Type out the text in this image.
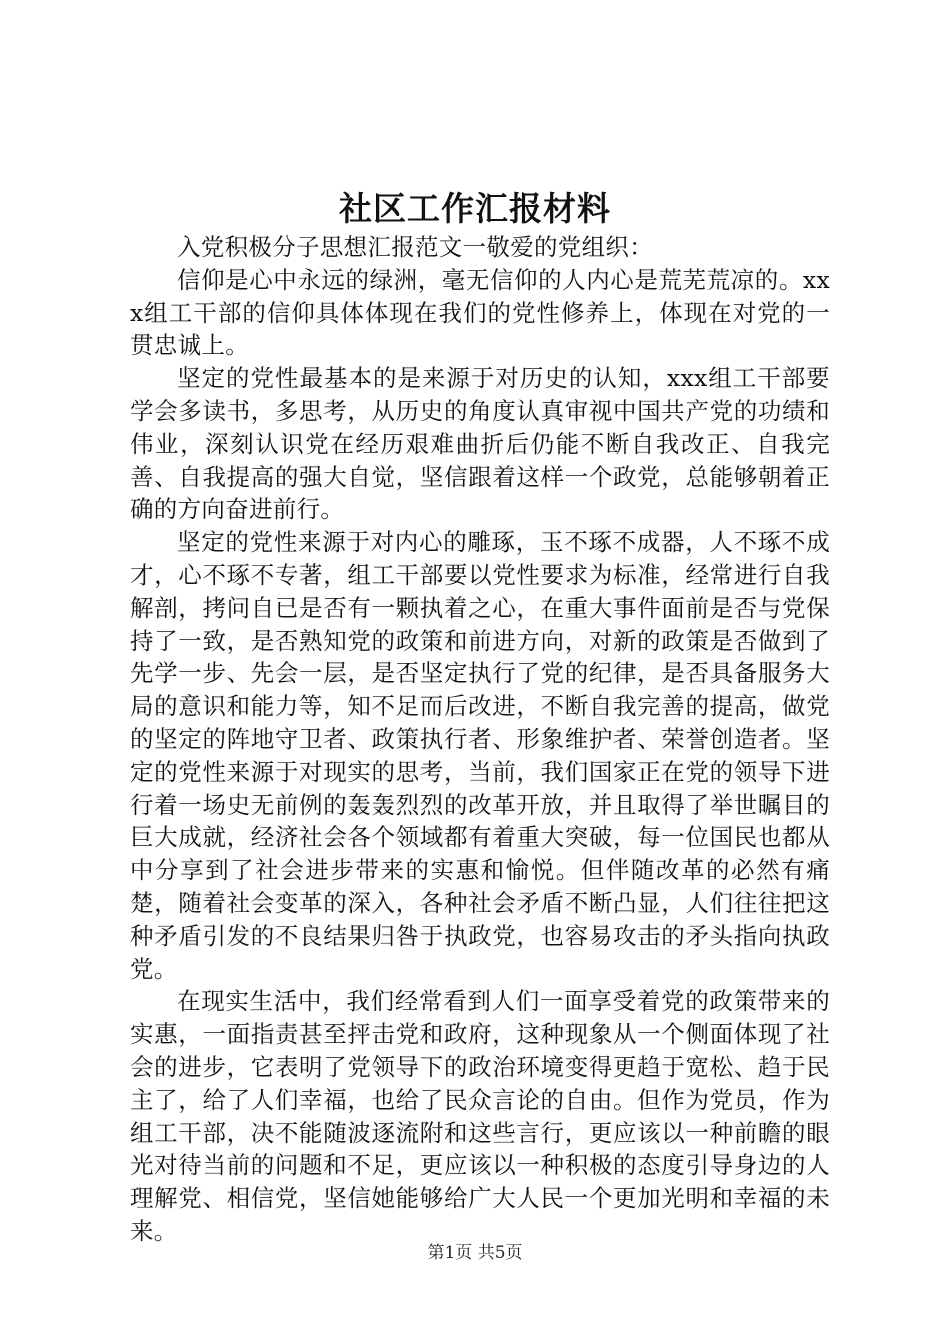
社区工作汇报材料

入党积极分子思想汇报范文一敬爱的党组织：

信仰是心中永远的绿洲，毫无信仰的人内心是荒芜荒凉的。xxx组工干部的信仰具体体现在我们的党性修养上，体现在对党的一贯忠诚上。

坚定的党性最基本的是来源于对历史的认知，xxx组工干部要学会多读书，多思考，从历史的角度认真审视中国共产党的功绩和伟业，深刻认识党在经历艰难曲折后仍能不断自我改正、自我完善、自我提高的强大自觉，坚信跟着这样一个政党，总能够朝着正确的方向奋进前行。

坚定的党性来源于对内心的雕琢，玉不琢不成器，人不琢不成才，心不琢不专著，组工干部要以党性要求为标准，经常进行自我解剖，拷问自已是否有一颗执着之心，在重大事件面前是否与党保持了一致，是否熟知党的政策和前进方向，对新的政策是否做到了先学一步、先会一层，是否坚定执行了党的纪律，是否具备服务大局的意识和能力等，知不足而后改进，不断自我完善的提高，做党的坚定的阵地守卫者、政策执行者、形象维护者、荣誉创造者。坚定的党性来源于对现实的思考，当前，我们国家正在党的领导下进行着一场史无前例的轰轰烈烈的改革开放，并且取得了举世瞩目的巨大成就，经济社会各个领域都有着重大突破，每一位国民也都从中分享到了社会进步带来的实惠和愉悦。但伴随改革的必然有痛楚，随着社会变革的深入，各种社会矛盾不断凸显，人们往往把这种矛盾引发的不良结果归咎于执政党，也容易攻击的矛头指向执政党。

在现实生活中，我们经常看到人们一面享受着党的政策带来的实惠，一面指责甚至抨击党和政府，这种现象从一个侧面体现了社会的进步，它表明了党领导下的政治环境变得更趋于宽松、趋于民主了，给了人们幸福，也给了民众言论的自由。但作为党员，作为组工干部，决不能随波逐流附和这些言行，更应该以一种前瞻的眼光对待当前的问题和不足，更应该以一种积极的态度引导身边的人理解党、相信党，坚信她能够给广大人民一个更加光明和幸福的未来。

第1页 共5页
